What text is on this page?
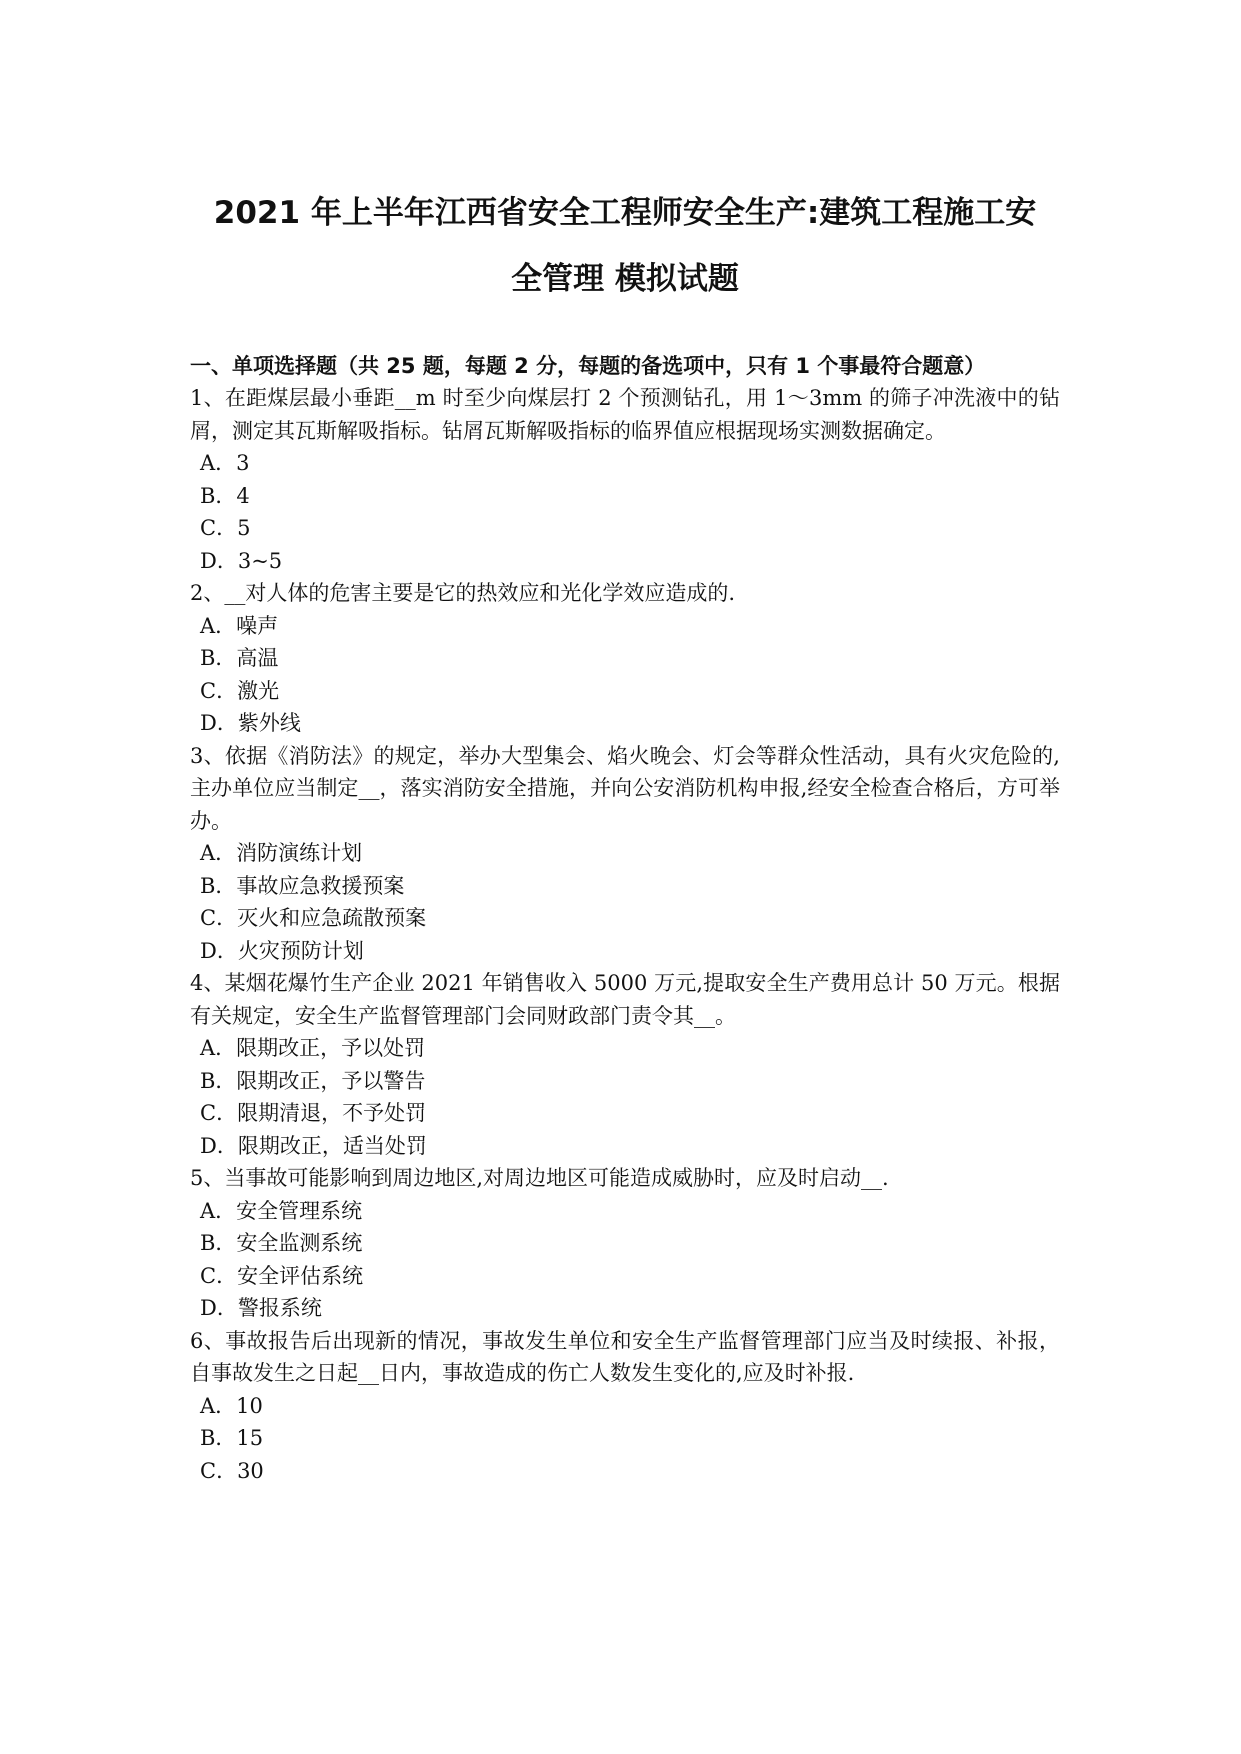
2021 年上半年江西省安全工程师安全生产:建筑工程施工安
全管理 模拟试题

一、单项选择题（共 25 题，每题 2 分，每题的备选项中，只有 1 个事最符合题意）

1、在距煤层最小垂距__m 时至少向煤层打 2 个预测钻孔，用 1～3mm 的筛子冲洗液中的钻屑，测定其瓦斯解吸指标。钻屑瓦斯解吸指标的临界值应根据现场实测数据确定。

A．3
B．4
C．5
D．3~5

2、__对人体的危害主要是它的热效应和光化学效应造成的.

A．噪声
B．高温
C．激光
D．紫外线

3、依据《消防法》的规定，举办大型集会、焰火晚会、灯会等群众性活动，具有火灾危险的,主办单位应当制定__，落实消防安全措施，并向公安消防机构申报,经安全检查合格后，方可举办。

A．消防演练计划
B．事故应急救援预案
C．灭火和应急疏散预案
D．火灾预防计划

4、某烟花爆竹生产企业 2021 年销售收入 5000 万元,提取安全生产费用总计 50 万元。根据有关规定，安全生产监督管理部门会同财政部门责令其__。

A．限期改正，予以处罚
B．限期改正，予以警告
C．限期清退，不予处罚
D．限期改正，适当处罚

5、当事故可能影响到周边地区,对周边地区可能造成威胁时，应及时启动__.

A．安全管理系统
B．安全监测系统
C．安全评估系统
D．警报系统

6、事故报告后出现新的情况，事故发生单位和安全生产监督管理部门应当及时续报、补报，自事故发生之日起__日内，事故造成的伤亡人数发生变化的,应及时补报.

A．10
B．15
C．30
